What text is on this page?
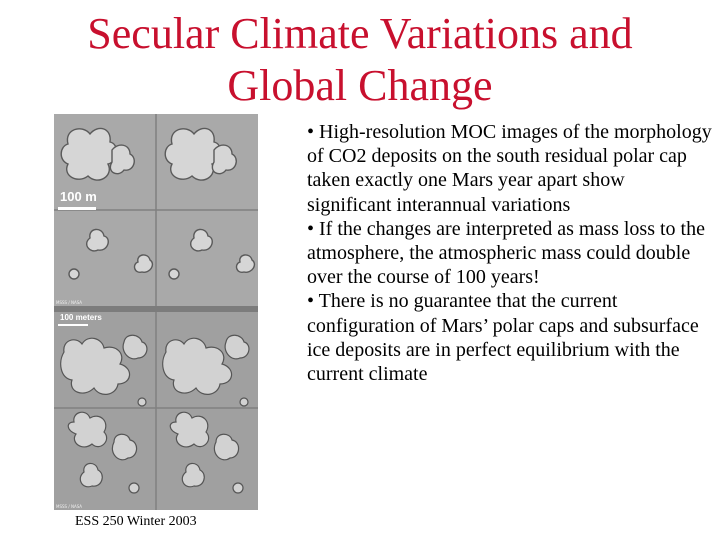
Secular Climate Variations and
Global Change
100 m
MSSS / NASA
100 meters
MSSS / NASA

• High-resolution MOC images of the morphology of CO2 deposits on the south residual polar cap taken exactly one Mars year apart show significant interannual variations

• If the changes are interpreted as mass loss to the atmosphere, the atmospheric mass could double over the course of 100 years!

• There is no guarantee that the current configuration of Mars’ polar caps and subsurface ice deposits are in perfect equilibrium with the current climate

ESS 250 Winter 2003
